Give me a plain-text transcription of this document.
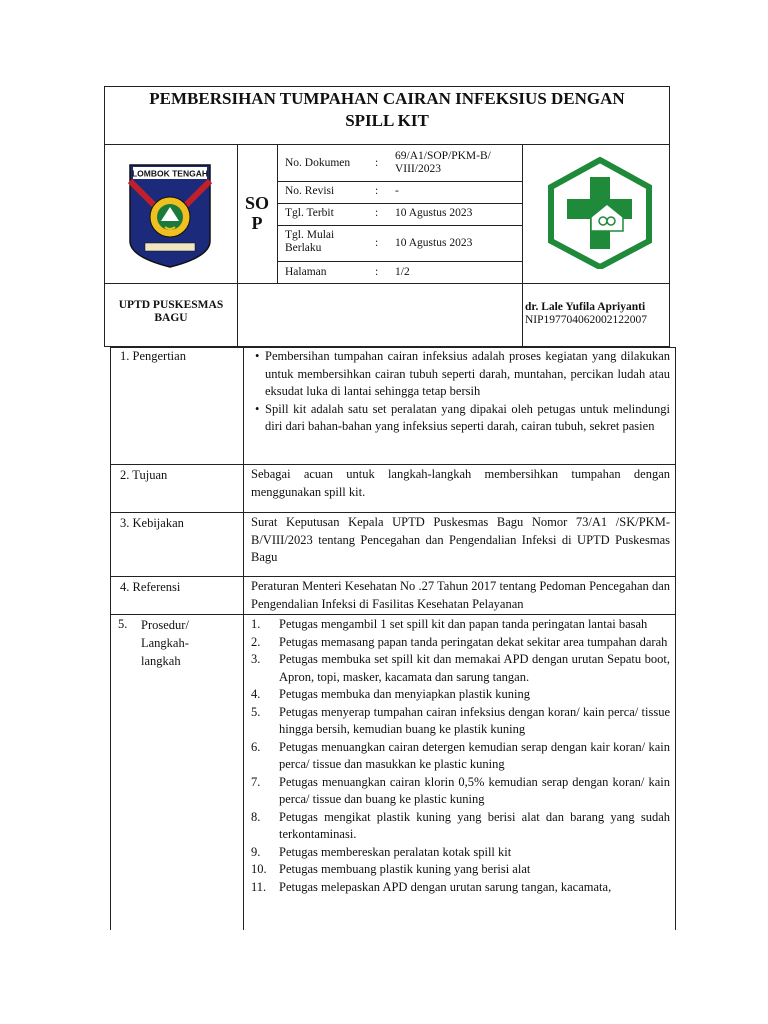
PEMBERSIHAN TUMPAHAN CAIRAN INFEKSIUS DENGAN
SPILL KIT
LOMBOK TENGAH
SO
P
No. Dokumen :
69/A1/SOP/PKM-B/ VIII/2023
No. Revisi	: -
Tgl. Terbit	: 10 Agustus 2023
Tgl. Mulai Berlaku	: 10 Agustus 2023
Halaman	: 1/2
UPTD PUSKESMAS BAGU
dr. Lale Yufila Apriyanti
NIP197704062002122007
1. Pengertian	• Pembersihan tumpahan cairan infeksius adalah proses kegiatan yang dilakukan untuk membersihkan cairan tubuh seperti darah, muntahan, percikan ludah atau eksudat luka di lantai sehingga tetap bersih
• Spill kit adalah satu set peralatan yang dipakai oleh petugas untuk melindungi diri dari bahan-bahan yang infeksius seperti darah, cairan tubuh, sekret pasien
2. Tujuan	Sebagai acuan untuk langkah-langkah membersihkan tumpahan dengan menggunakan spill kit.
3. Kebijakan	Surat Keputusan Kepala UPTD Puskesmas Bagu Nomor 73/A1 /SK/PKM-B/VIII/2023 tentang Pencegahan dan Pengendalian Infeksi di UPTD Puskesmas Bagu
4. Referensi	Peraturan Menteri Kesehatan No .27 Tahun 2017 tentang Pedoman Pencegahan dan Pengendalian Infeksi di Fasilitas Kesehatan Pelayanan
5. Prosedur/
Langkah-
langkah
1.	Petugas mengambil 1 set spill kit dan papan tanda peringatan lantai basah
2.	Petugas memasang papan tanda peringatan dekat sekitar area tumpahan darah
3.	Petugas membuka set spill kit dan memakai APD dengan urutan Sepatu boot, Apron, topi, masker, kacamata dan sarung tangan.
4.	Petugas membuka dan menyiapkan plastik kuning
5.	Petugas menyerap tumpahan cairan infeksius dengan koran/ kain perca/ tissue hingga bersih, kemudian buang ke plastik kuning
6.	Petugas menuangkan cairan detergen kemudian serap dengan kair koran/ kain perca/ tissue dan masukkan ke plastic kuning
7.	Petugas menuangkan cairan klorin 0,5% kemudian serap dengan koran/ kain perca/ tissue dan buang ke plastic kuning
8.	Petugas mengikat plastik kuning yang berisi alat dan barang yang sudah terkontaminasi.
9.	Petugas membereskan peralatan kotak spill kit
10. Petugas membuang plastik kuning yang berisi alat
11.	Petugas melepaskan APD dengan urutan sarung tangan, kacamata,
